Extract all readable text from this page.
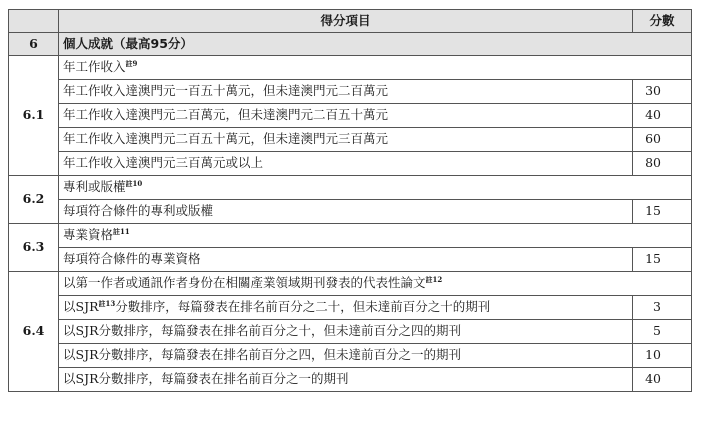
	得分項目	分數
6	個人成就（最高95分）	
6.1	年工作收入$^{註9}$
	年工作收入達澳門元一百五十萬元，但未達澳門元二百萬元	30
	年工作收入達澳門元二百萬元，但未達澳門元二百五十萬元	40
	年工作收入達澳門元二百五十萬元，但未達澳門元三百萬元	60
	年工作收入達澳門元三百萬元或以上	80
6.2	專利或版權$^{註10}$
	每項符合條件的專利或版權	15
6.3	專業資格$^{註11}$
	每項符合條件的專業資格	15
6.4	以第一作者或通訊作者身份在相關產業領域期刊發表的代表性論文$^{註12}$
	以SJR$^{註13}$分數排序，每篇發表在排名前百分之二十，但未達前百分之十的期刊	3
	以SJR分數排序，每篇發表在排名前百分之十，但未達前百分之四的期刊	5
	以SJR分數排序，每篇發表在排名前百分之四，但未達前百分之一的期刊	10
	以SJR分數排序，每篇發表在排名前百分之一的期刊	40
